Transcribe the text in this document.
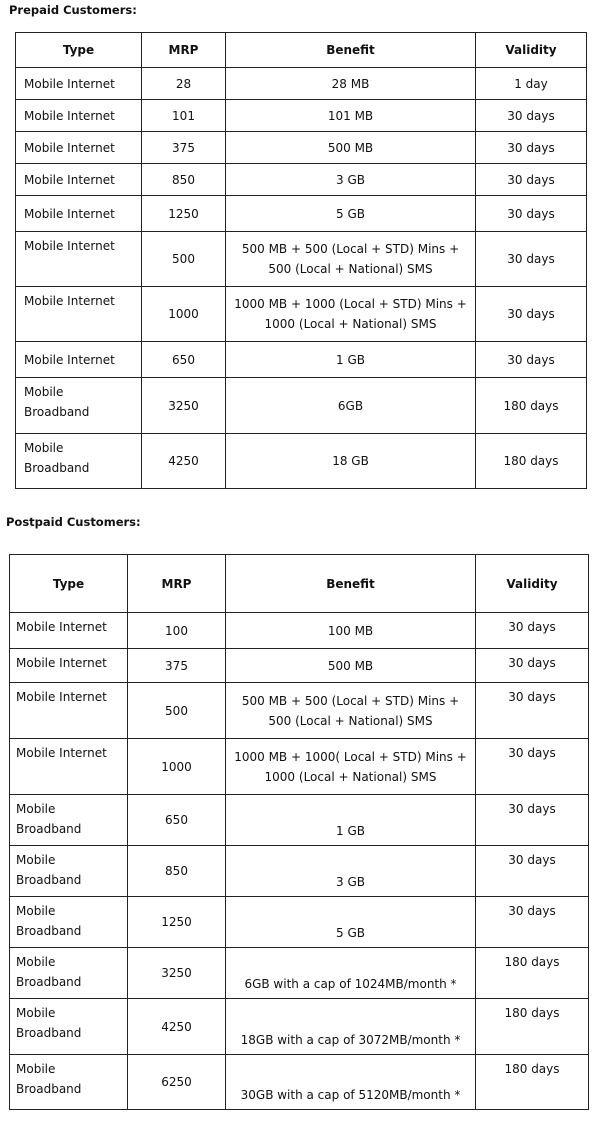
Prepaid Customers:
Type	MRP	Benefit	Validity
Mobile Internet	28	28 MB	1 day
Mobile Internet	101	101 MB	30 days
Mobile Internet	375	500 MB	30 days
Mobile Internet	850	3 GB	30 days
Mobile Internet	1250	5 GB	30 days
Mobile Internet	500	500 MB + 500 (Local + STD) Mins +
500 (Local + National) SMS	30 days
Mobile Internet	1000	1000 MB + 1000 (Local + STD) Mins +
1000 (Local + National) SMS	30 days
Mobile Internet	650	1 GB	30 days

Mobile
Broadband	3250	6GB	180 days

Mobile
Broadband	4250	18 GB	180 days
Postpaid Customers:
Type	MRP	Benefit	Validity
Mobile Internet	100	100 MB	30 days
Mobile Internet	375	500 MB	30 days
Mobile Internet	500	500 MB + 500 (Local + STD) Mins +
500 (Local + National) SMS	30 days
Mobile Internet	1000	1000 MB + 1000( Local + STD) Mins +
1000 (Local + National) SMS	30 days

Mobile
Broadband	650	1 GB	30 days

Mobile
Broadband	850	3 GB	30 days

Mobile
Broadband	1250	5 GB	30 days

Mobile
Broadband	3250	6GB with a cap of 1024MB/month *	180 days

Mobile
Broadband	4250	18GB with a cap of 3072MB/month *	180 days

Mobile
Broadband	6250	30GB with a cap of 5120MB/month *	180 days
